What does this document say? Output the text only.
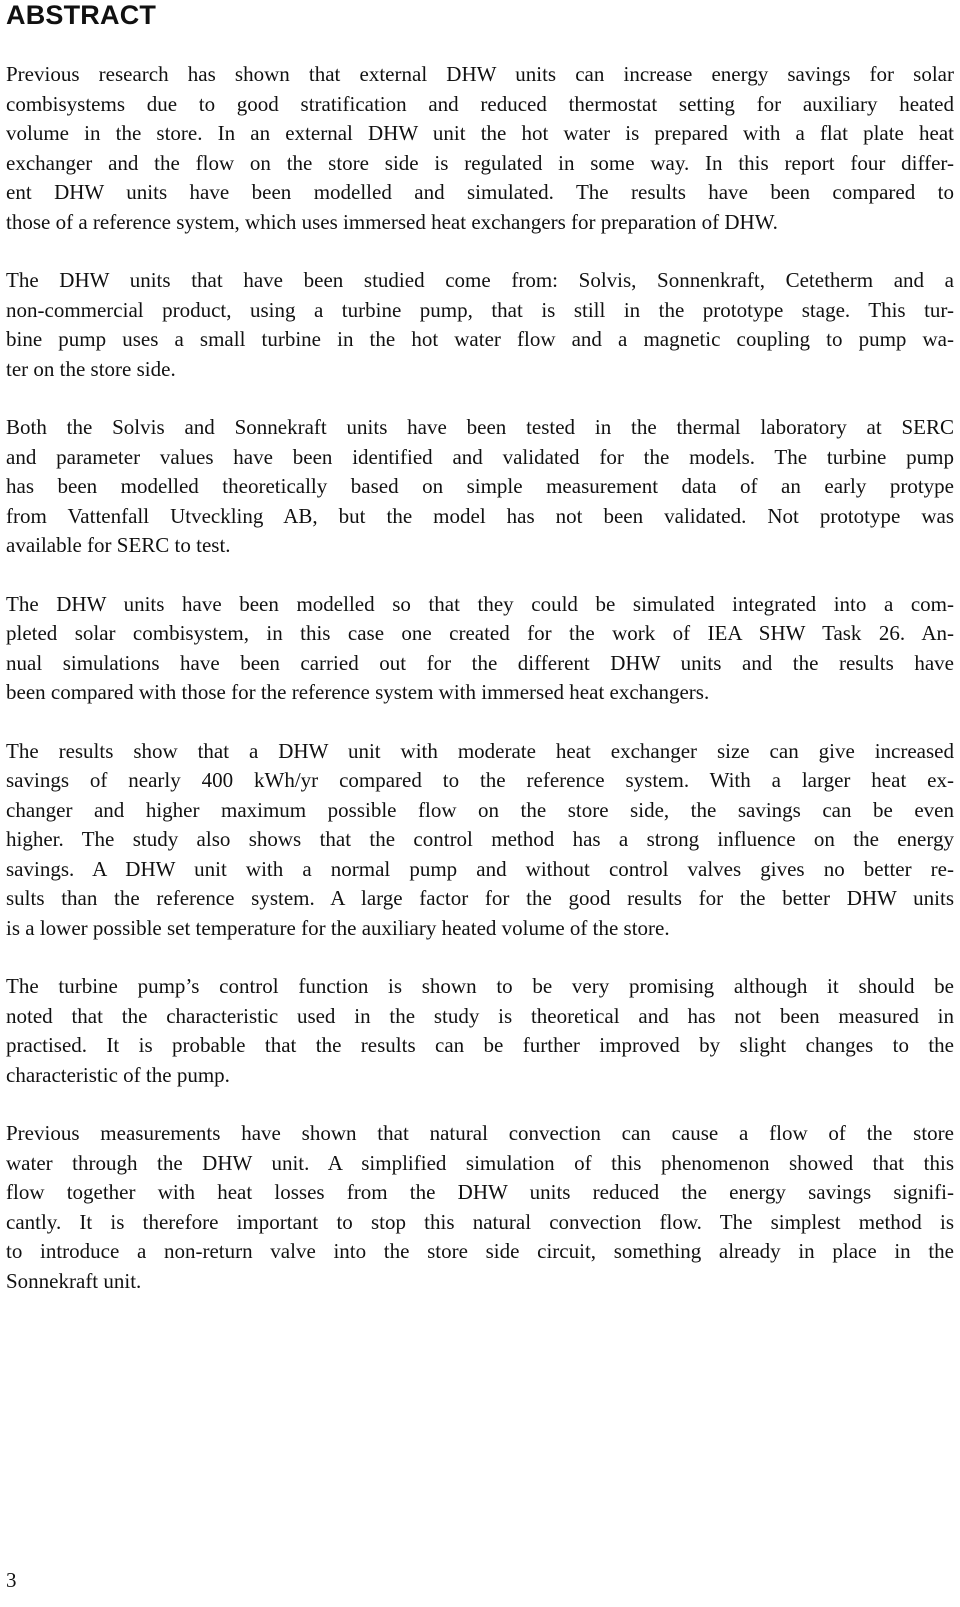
ABSTRACT

Previous research has shown that external DHW units can increase energy savings for solar
combisystems due to good stratification and reduced thermostat setting for auxiliary heated
volume in the store. In an external DHW unit the hot water is prepared with a flat plate heat
exchanger and the flow on the store side is regulated in some way. In this report four differ-
ent DHW units have been modelled and simulated. The results have been compared to
those of a reference system, which uses immersed heat exchangers for preparation of DHW.

The DHW units that have been studied come from: Solvis, Sonnenkraft, Cetetherm and a
non-commercial product, using a turbine pump, that is still in the prototype stage. This tur-
bine pump uses a small turbine in the hot water flow and a magnetic coupling to pump wa-
ter on the store side.

Both the Solvis and Sonnekraft units have been tested in the thermal laboratory at SERC
and parameter values have been identified and validated for the models. The turbine pump
has been modelled theoretically based on simple measurement data of an early protype
from Vattenfall Utveckling AB, but the model has not been validated. Not prototype was
available for SERC to test.

The DHW units have been modelled so that they could be simulated integrated into a com-
pleted solar combisystem, in this case one created for the work of IEA SHW Task 26. An-
nual simulations have been carried out for the different DHW units and the results have
been compared with those for the reference system with immersed heat exchangers.

The results show that a DHW unit with moderate heat exchanger size can give increased
savings of nearly 400 kWh/yr compared to the reference system. With a larger heat ex-
changer and higher maximum possible flow on the store side, the savings can be even
higher. The study also shows that the control method has a strong influence on the energy
savings. A DHW unit with a normal pump and without control valves gives no better re-
sults than the reference system. A large factor for the good results for the better DHW units
is a lower possible set temperature for the auxiliary heated volume of the store.

The turbine pump’s control function is shown to be very promising although it should be
noted that the characteristic used in the study is theoretical and has not been measured in
practised. It is probable that the results can be further improved by slight changes to the
characteristic of the pump.

Previous measurements have shown that natural convection can cause a flow of the store
water through the DHW unit. A simplified simulation of this phenomenon showed that this
flow together with heat losses from the DHW units reduced the energy savings signifi-
cantly. It is therefore important to stop this natural convection flow. The simplest method is
to introduce a non-return valve into the store side circuit, something already in place in the
Sonnekraft unit.

3
